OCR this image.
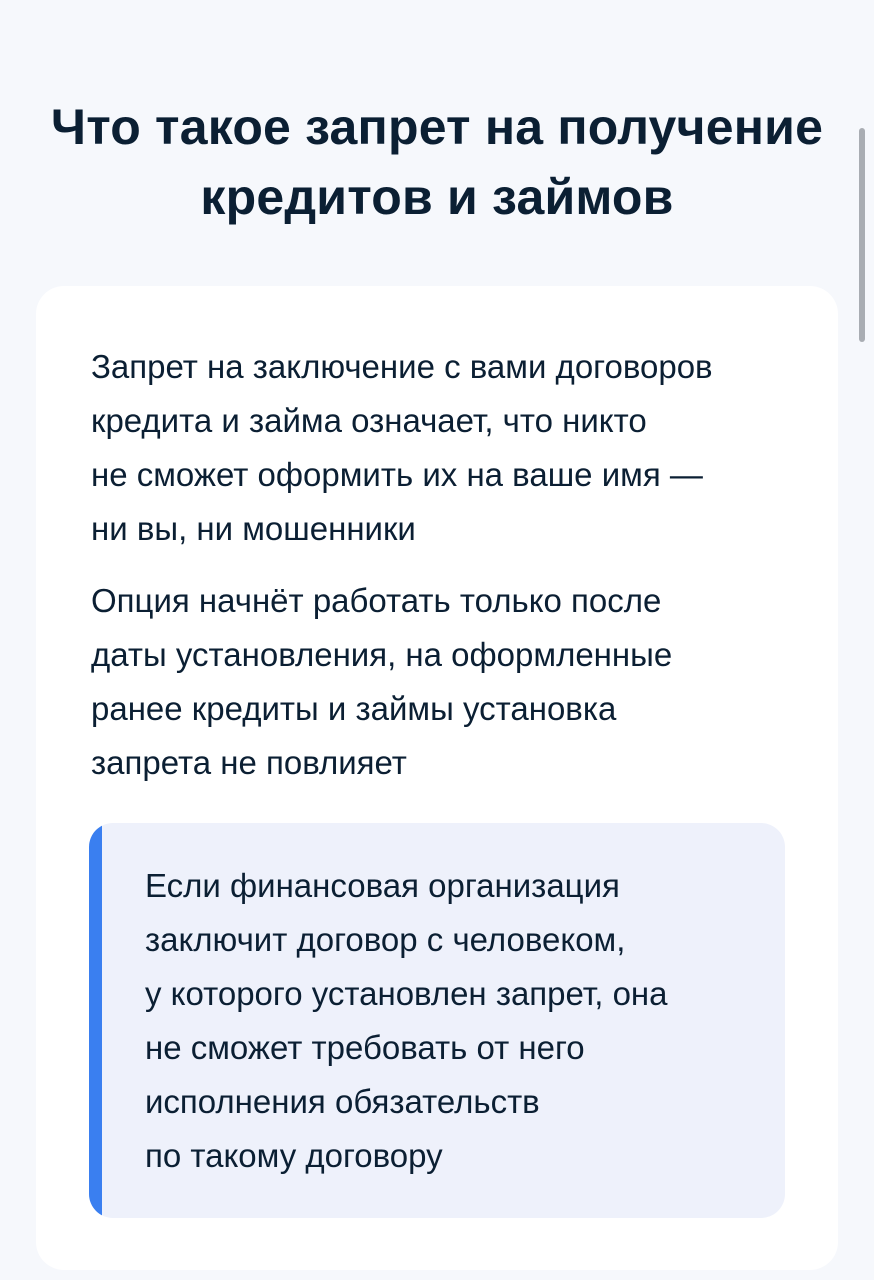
Что такое запрет на получение
кредитов и займов

Запрет на заключение с вами договоров
кредита и займа означает, что никто
не сможет оформить их на ваше имя —
ни вы, ни мошенники

Опция начнёт работать только после
даты установления, на оформленные
ранее кредиты и займы установка
запрета не повлияет

Если финансовая организация
заключит договор с человеком,
у которого установлен запрет, она
не сможет требовать от него
исполнения обязательств
по такому договору
